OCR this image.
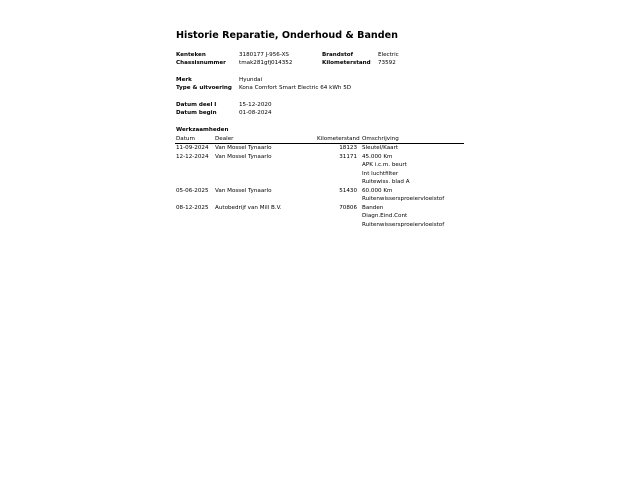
Historie Reparatie, Onderhoud & Banden
Kenteken	3180177 J-956-XS	Brandstof	Electric
Chassisnummer tmak281gfj014352	Kilometerstand 73592
Merk	Hyundai
Type & uitvoering Kona Comfort Smart Electric 64 kWh 5D
Datum deel I	15-12-2020
Datum begin	01-08-2024
Werkzaamheden
Datum	Dealer	Kilometerstand Omschrijving
11-09-2024 Van Mossel Tynaarlo	18123 Sleutel/Kaart
12-12-2024 Van Mossel Tynaarlo	31171 45.000 Km
APK i.c.m. beurt
Int luchtfilter
Ruitewiss. blad A
05-06-2025 Van Mossel Tynaarlo	51430 60.000 Km
Ruitenwissersproeiervloeistof
08-12-2025 Autobedrijf van Mill B.V.	70806 Banden
Diagn.Eind.Cont
Ruitenwissersproeiervloeistof
